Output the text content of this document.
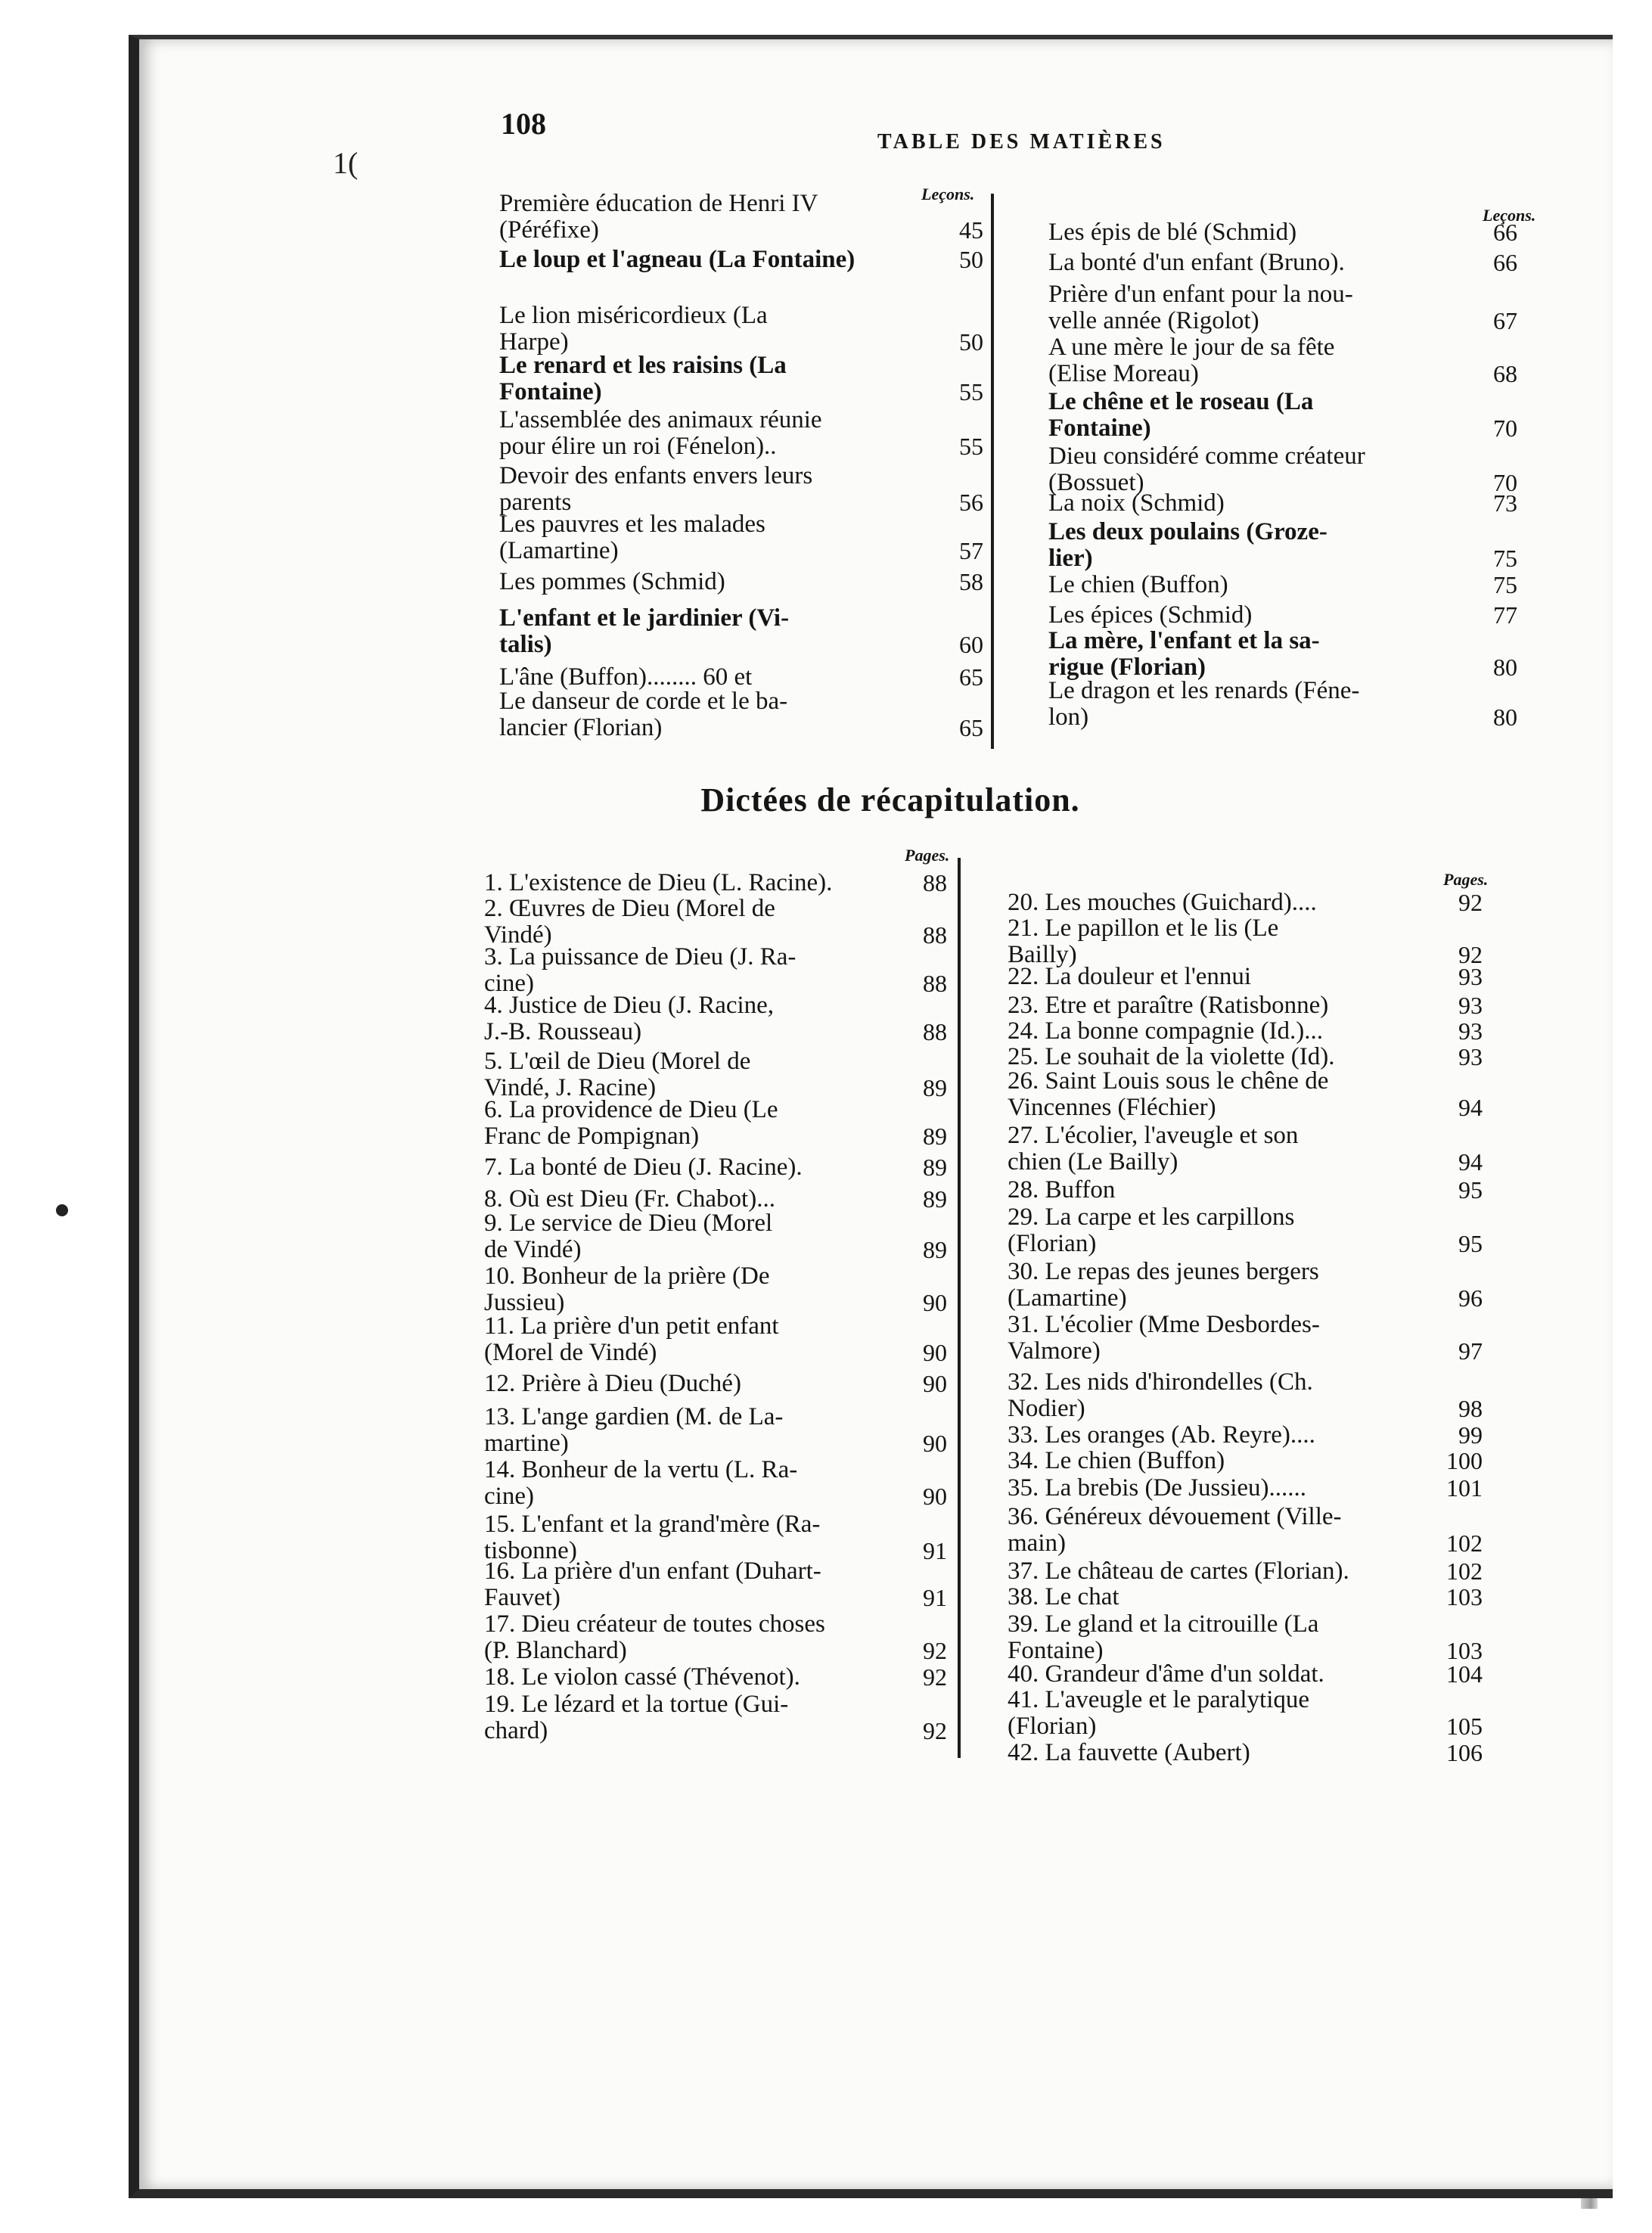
108
TABLE DES MATIÈRES
1(
Leçons.
Leçons.
Première éducation de Henri IV
(Péréfixe)	45
Le loup et l'agneau (La Fontaine)	50
Le lion miséricordieux (La
Harpe)	50
Le renard et les raisins (La
Fontaine)	55
L'assemblée des animaux réunie
pour élire un roi (Fénelon)..	55
Devoir des enfants envers leurs
parents	56
Les pauvres et les malades
(Lamartine)	57
Les pommes (Schmid)	58
L'enfant et le jardinier (Vi-
talis)	60
L'âne (Buffon)........ 60 et	65
Le danseur de corde et le ba-
lancier (Florian)	65
Les épis de blé (Schmid)	66
La bonté d'un enfant (Bruno).	66
Prière d'un enfant pour la nou-
velle année (Rigolot)	67
A une mère le jour de sa fête
(Elise Moreau)	68
Le chêne et le roseau (La
Fontaine)	70
Dieu considéré comme créateur
(Bossuet)	70
La noix (Schmid)	73
Les deux poulains (Groze-
lier)	75
Le chien (Buffon)	75
Les épices (Schmid)	77
La mère, l'enfant et la sa-
rigue (Florian)	80
Le dragon et les renards (Féne-
lon)	80
Dictées de récapitulation.
Pages.
Pages.
1. L'existence de Dieu (L. Racine).	88
2. Œuvres de Dieu (Morel de
Vindé)	88
3. La puissance de Dieu (J. Ra-
cine)	88
4. Justice de Dieu (J. Racine,
J.-B. Rousseau)	88
5. L'œil de Dieu (Morel de
Vindé, J. Racine)	89
6. La providence de Dieu (Le
Franc de Pompignan)	89
7. La bonté de Dieu (J. Racine).	89
8. Où est Dieu (Fr. Chabot)...	89
9. Le service de Dieu (Morel
de Vindé)	89
10. Bonheur de la prière (De
Jussieu)	90
11. La prière d'un petit enfant
(Morel de Vindé)	90
12. Prière à Dieu (Duché)	90
13. L'ange gardien (M. de La-
martine)	90
14. Bonheur de la vertu (L. Ra-
cine)	90
15. L'enfant et la grand'mère (Ra-
tisbonne)	91
16. La prière d'un enfant (Duhart-
Fauvet)	91
17. Dieu créateur de toutes choses
(P. Blanchard)	92
18. Le violon cassé (Thévenot).	92
19. Le lézard et la tortue (Gui-
chard)	92
20. Les mouches (Guichard)....	92
21. Le papillon et le lis (Le
Bailly)	92
22. La douleur et l'ennui	93
23. Etre et paraître (Ratisbonne)	93
24. La bonne compagnie (Id.)...	93
25. Le souhait de la violette (Id).	93
26. Saint Louis sous le chêne de
Vincennes (Fléchier)	94
27. L'écolier, l'aveugle et son
chien (Le Bailly)	94
28. Buffon	95
29. La carpe et les carpillons
(Florian)	95
30. Le repas des jeunes bergers
(Lamartine)	96
31. L'écolier (Mme Desbordes-
Valmore)	97
32. Les nids d'hirondelles (Ch.
Nodier)	98
33. Les oranges (Ab. Reyre)....	99
34. Le chien (Buffon)	100
35. La brebis (De Jussieu)......	101
36. Généreux dévouement (Ville-
main)	102
37. Le château de cartes (Florian).	102
38. Le chat	103
39. Le gland et la citrouille (La
Fontaine)	103
40. Grandeur d'âme d'un soldat.	104
41. L'aveugle et le paralytique
(Florian)	105
42. La fauvette (Aubert)	106
